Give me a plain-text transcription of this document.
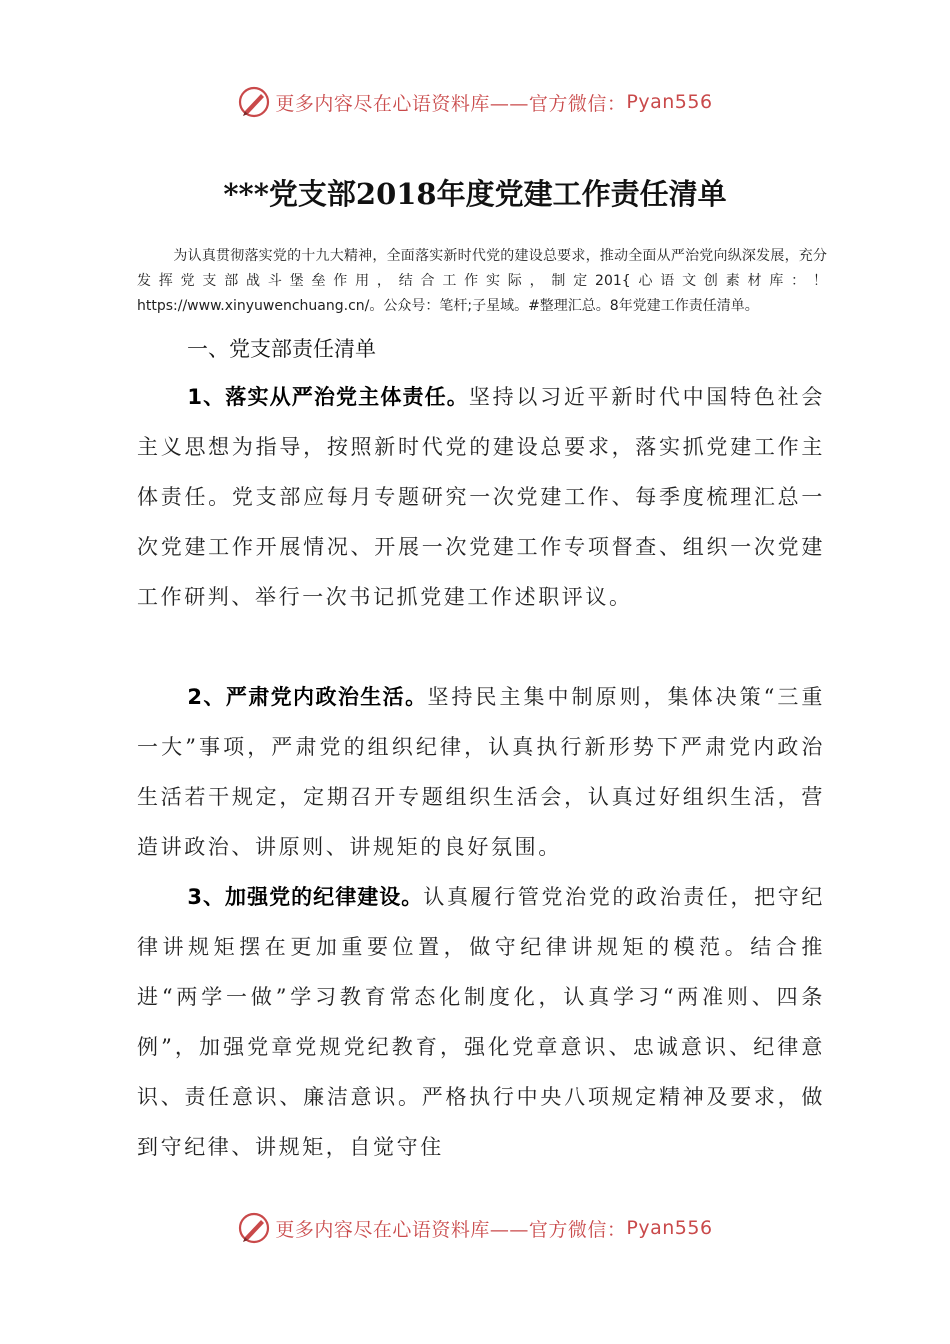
更多内容尽在心语资料库——官方微信： Pyan556
***党支部2018年度党建工作责任清单
为认真贯彻落实党的十九大精神，全面落实新时代党的建设总要求，推动全面从严治党向纵深发展，充分发挥党支部战斗堡垒作用，结合工作实际，制定201{心语文创素材库：！https://www.xinyuwenchuang.cn/。公众号：笔杆;子星域。#整理汇总。8年党建工作责任清单。
一、党支部责任清单
1、落实从严治党主体责任。坚持以习近平新时代中国特色社会主义思想为指导，按照新时代党的建设总要求，落实抓党建工作主体责任。党支部应每月专题研究一次党建工作、每季度梳理汇总一次党建工作开展情况、开展一次党建工作专项督查、组织一次党建工作研判、举行一次书记抓党建工作述职评议。
2、严肃党内政治生活。坚持民主集中制原则，集体决策“三重一大”事项，严肃党的组织纪律，认真执行新形势下严肃党内政治生活若干规定，定期召开专题组织生活会，认真过好组织生活，营造讲政治、讲原则、讲规矩的良好氛围。
3、加强党的纪律建设。认真履行管党治党的政治责任，把守纪律讲规矩摆在更加重要位置，做守纪律讲规矩的模范。结合推进“两学一做”学习教育常态化制度化，认真学习“两准则、四条例”，加强党章党规党纪教育，强化党章意识、忠诚意识、纪律意识、责任意识、廉洁意识。严格执行中央八项规定精神及要求，做到守纪律、讲规矩，自觉守住
更多内容尽在心语资料库——官方微信： Pyan556
